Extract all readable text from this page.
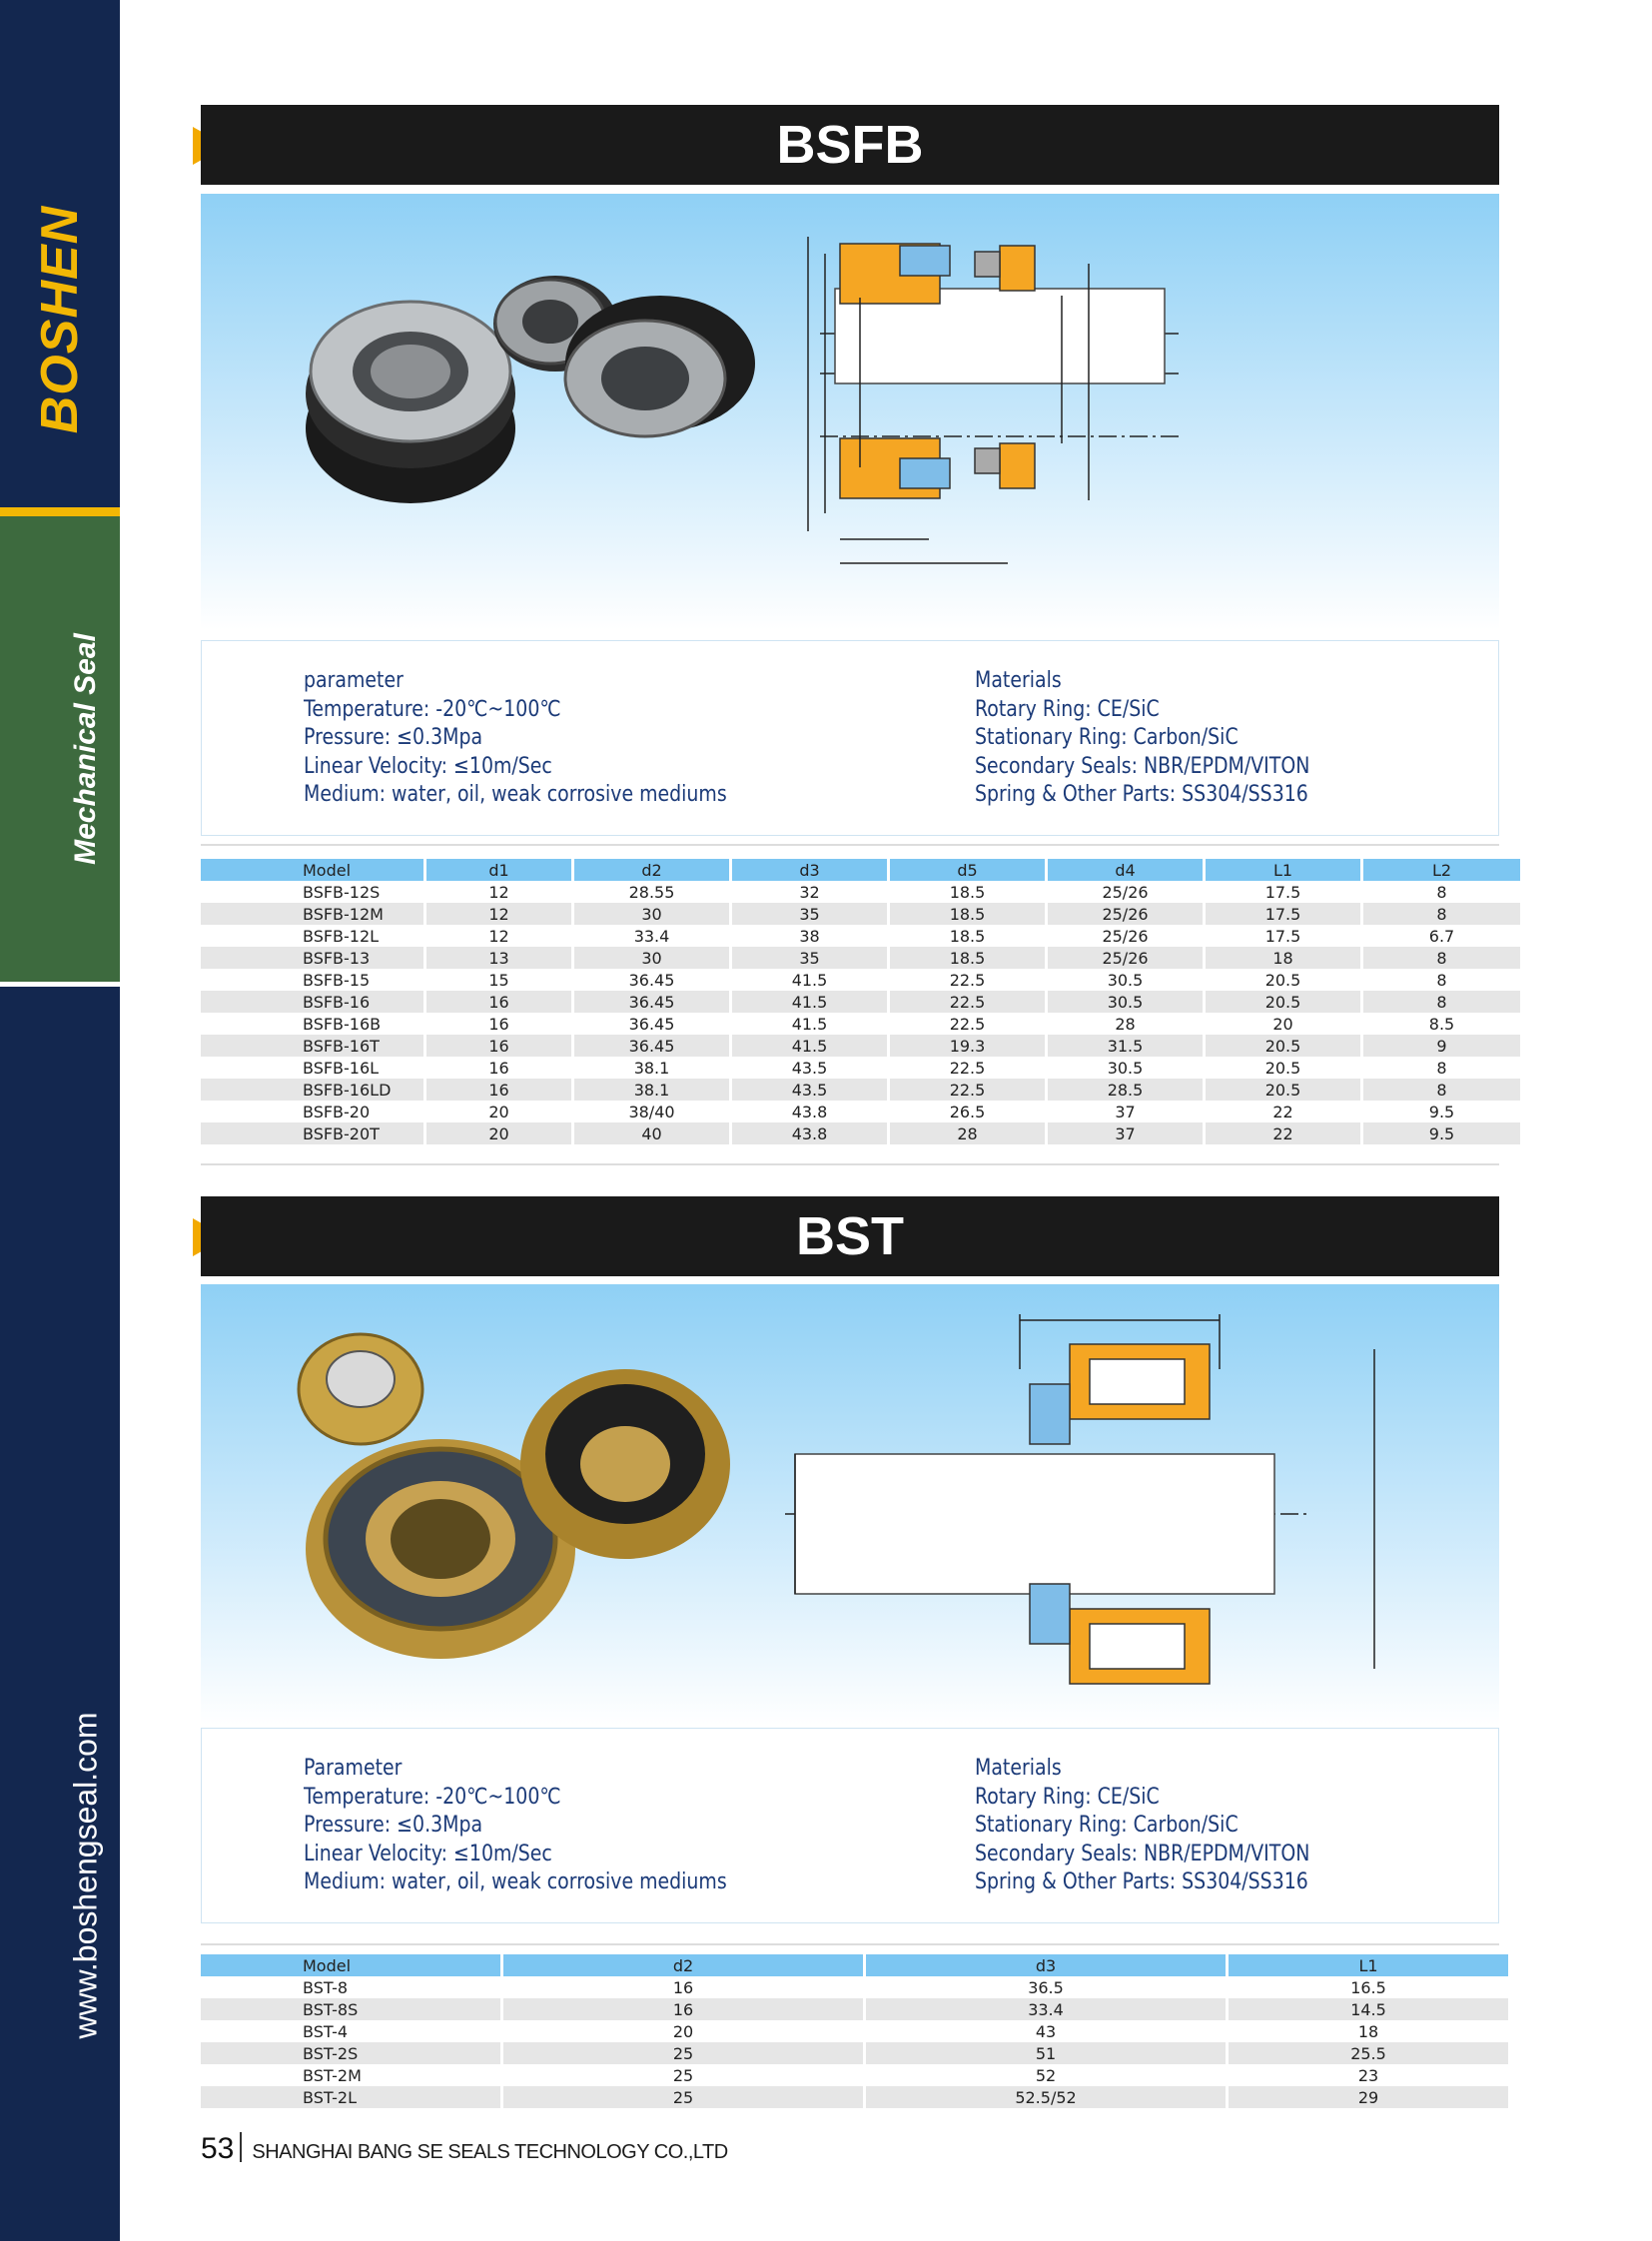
BOSHEN
Mechanical Seal
www.boshengseal.com
BSFB
parameter
Temperature: -20℃~100℃
Pressure: ≤0.3Mpa
Linear Velocity: ≤10m/Sec
Medium: water, oil, weak corrosive mediums
Materials
Rotary Ring: CE/SiC
Stationary Ring: Carbon/SiC
Secondary Seals: NBR/EPDM/VITON
Spring & Other Parts: SS304/SS316
Model	d1	d2	d3	d5	d4	L1	L2
BSFB-12S	12	28.55	32	18.5	25/26	17.5	8
BSFB-12M	12	30	35	18.5	25/26	17.5	8
BSFB-12L	12	33.4	38	18.5	25/26	17.5	6.7
BSFB-13	13	30	35	18.5	25/26	18	8
BSFB-15	15	36.45	41.5	22.5	30.5	20.5	8
BSFB-16	16	36.45	41.5	22.5	30.5	20.5	8
BSFB-16B	16	36.45	41.5	22.5	28	20	8.5
BSFB-16T	16	36.45	41.5	19.3	31.5	20.5	9
BSFB-16L	16	38.1	43.5	22.5	30.5	20.5	8
BSFB-16LD	16	38.1	43.5	22.5	28.5	20.5	8
BSFB-20	20	38/40	43.8	26.5	37	22	9.5
BSFB-20T	20	40	43.8	28	37	22	9.5
BST
Parameter
Temperature: -20℃~100℃
Pressure: ≤0.3Mpa
Linear Velocity: ≤10m/Sec
Medium: water, oil, weak corrosive mediums
Materials
Rotary Ring: CE/SiC
Stationary Ring: Carbon/SiC
Secondary Seals: NBR/EPDM/VITON
Spring & Other Parts: SS304/SS316
Model	d2	d3	L1
BST-8	16	36.5	16.5
BST-8S	16	33.4	14.5
BST-4	20	43	18
BST-2S	25	51	25.5
BST-2M	25	52	23
BST-2L	25	52.5/52	29
53 SHANGHAI BANG SE SEALS TECHNOLOGY CO.,LTD
